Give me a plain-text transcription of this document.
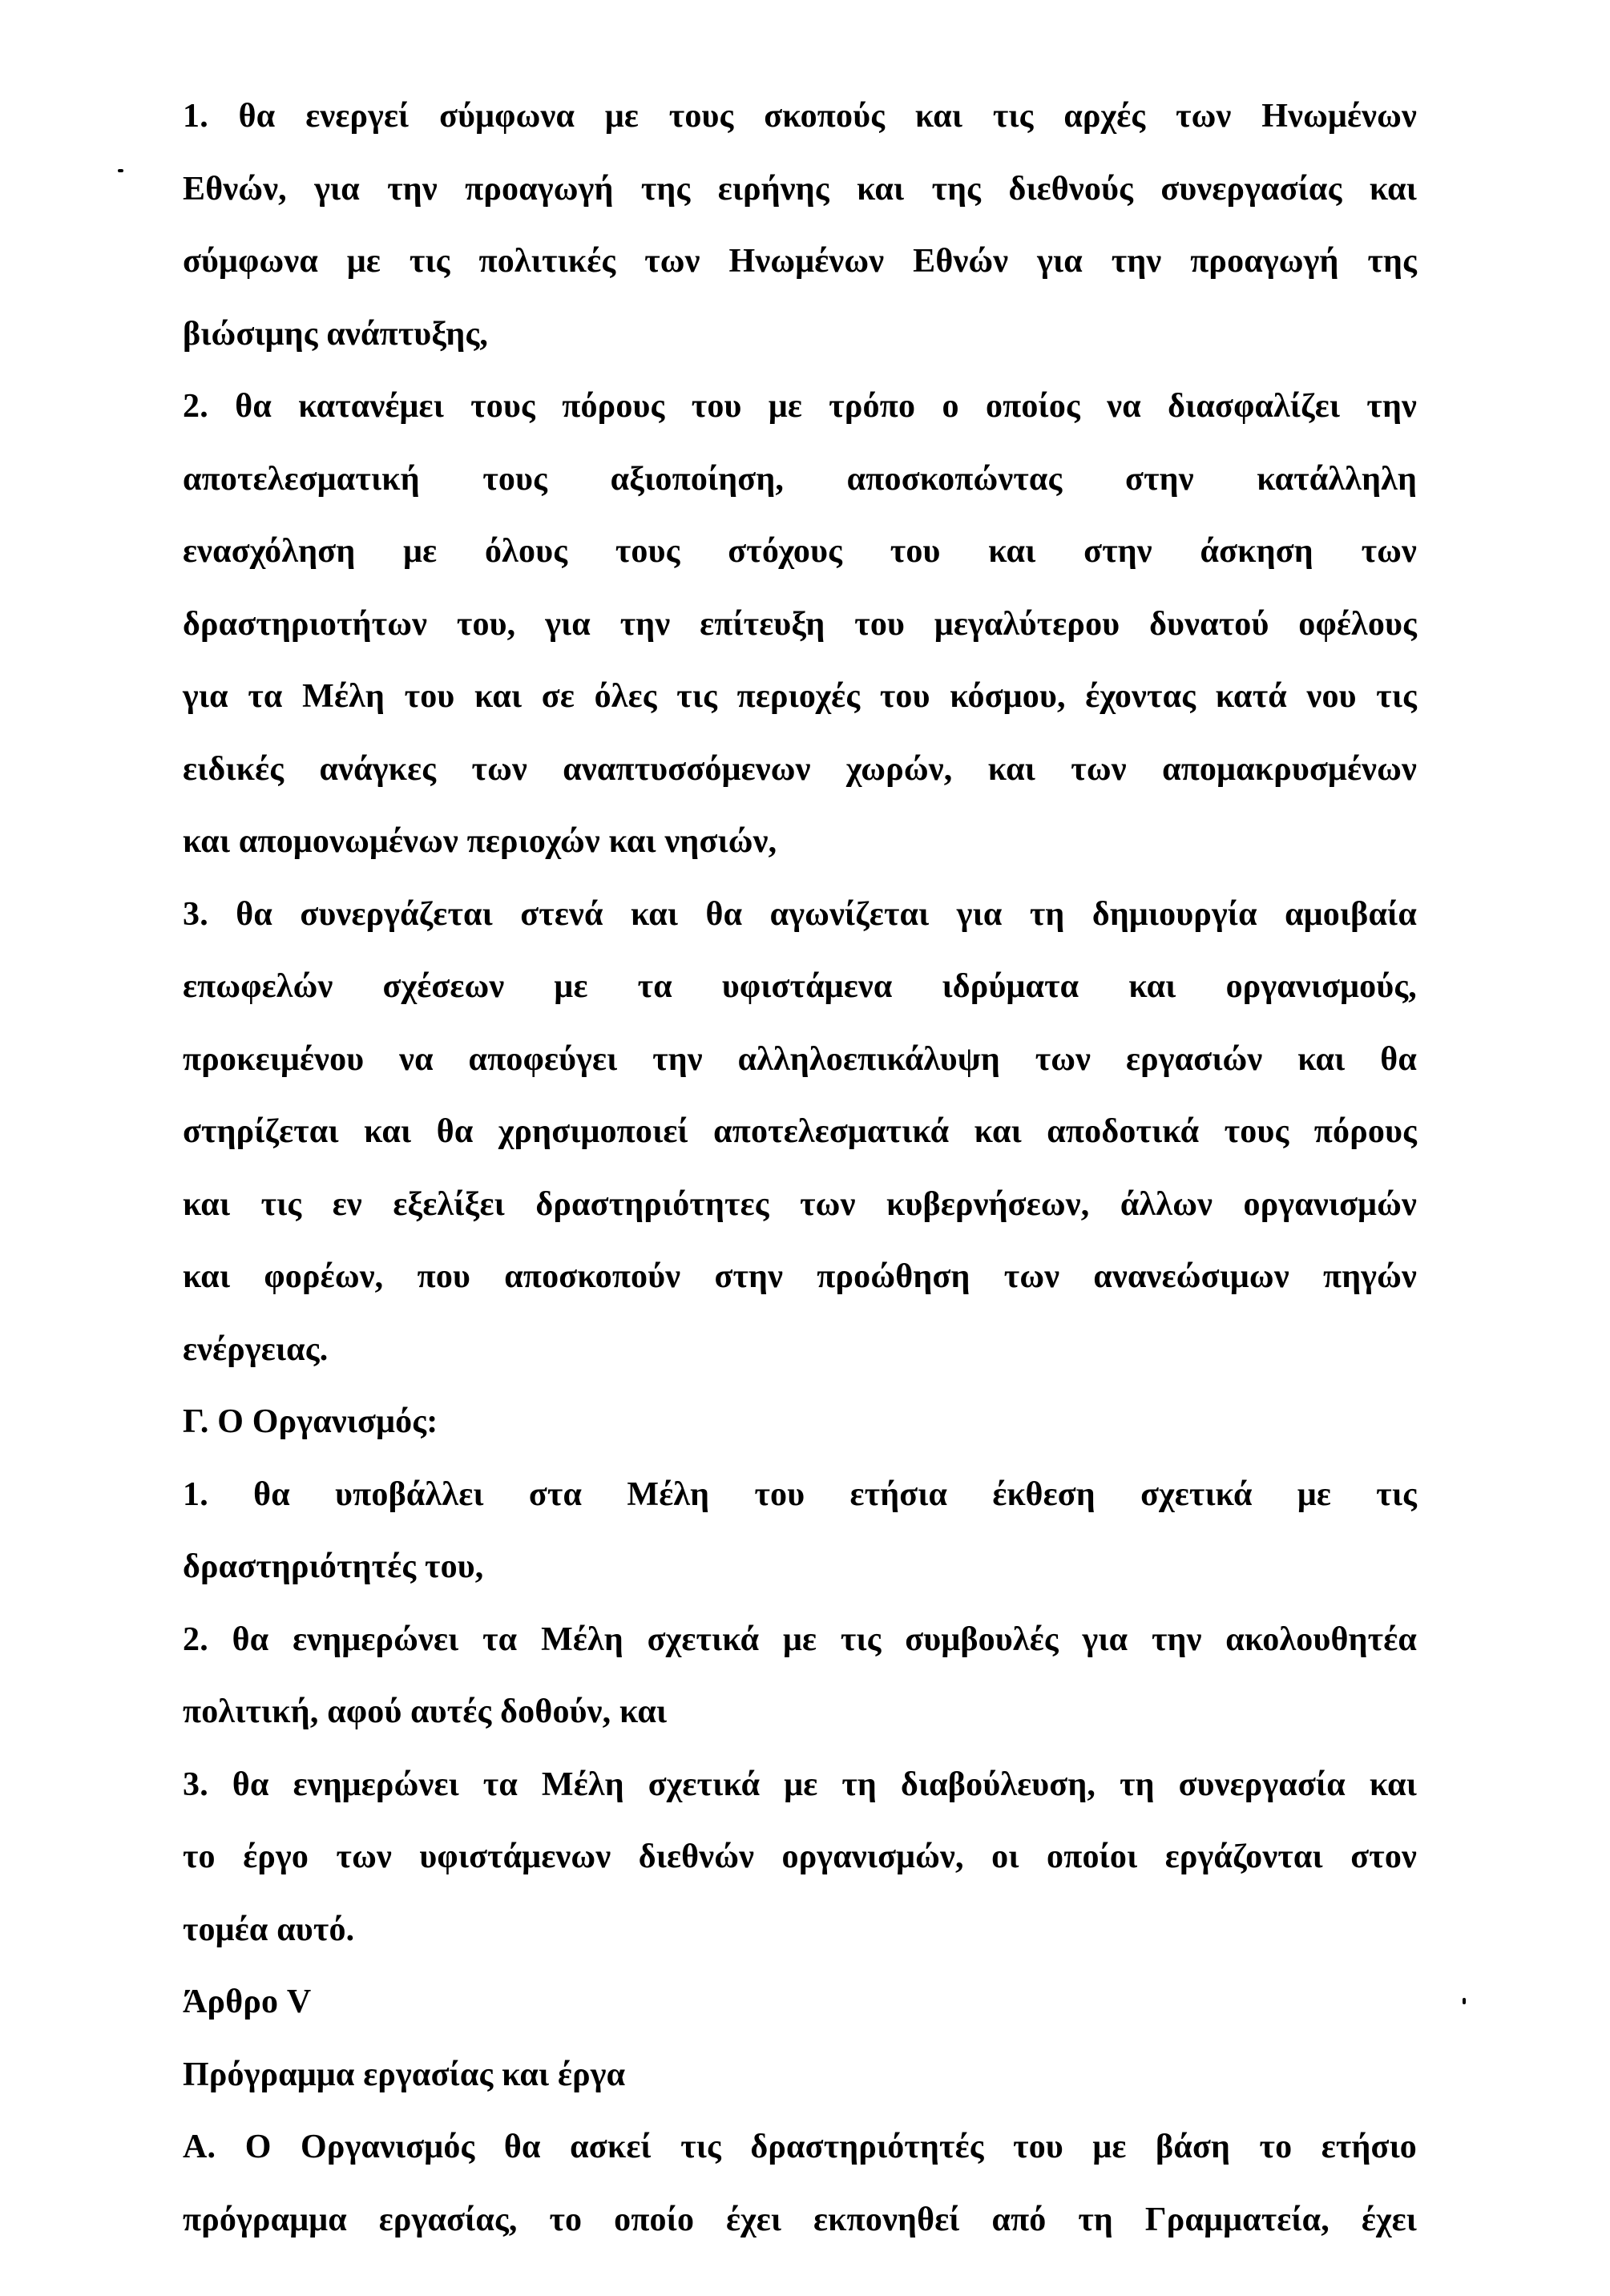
1. θα ενεργεί σύμφωνα με τους σκοπούς και τις αρχές των Ηνωμένων
Εθνών, για την προαγωγή της ειρήνης και της διεθνούς συνεργασίας και
σύμφωνα με τις πολιτικές των Ηνωμένων Εθνών για την προαγωγή της
βιώσιμης ανάπτυξης,
2. θα κατανέμει τους πόρους του με τρόπο ο οποίος να διασφαλίζει την
αποτελεσματική τους αξιοποίηση, αποσκοπώντας στην κατάλληλη
ενασχόληση με όλους τους στόχους του και στην άσκηση των
δραστηριοτήτων του, για την επίτευξη του μεγαλύτερου δυνατού οφέλους
για τα Μέλη του και σε όλες τις περιοχές του κόσμου, έχοντας κατά νου τις
ειδικές ανάγκες των αναπτυσσόμενων χωρών, και των απομακρυσμένων
και απομονωμένων περιοχών και νησιών,
3. θα συνεργάζεται στενά και θα αγωνίζεται για τη δημιουργία αμοιβαία
επωφελών σχέσεων με τα υφιστάμενα ιδρύματα και οργανισμούς,
προκειμένου να αποφεύγει την αλληλοεπικάλυψη των εργασιών και θα
στηρίζεται και θα χρησιμοποιεί αποτελεσματικά και αποδοτικά τους πόρους
και τις εν εξελίξει δραστηριότητες των κυβερνήσεων, άλλων οργανισμών
και φορέων, που αποσκοπούν στην προώθηση των ανανεώσιμων πηγών
ενέργειας.
Γ. Ο Οργανισμός:
1. θα υποβάλλει στα Μέλη του ετήσια έκθεση σχετικά με τις
δραστηριότητές του,
2. θα ενημερώνει τα Μέλη σχετικά με τις συμβουλές για την ακολουθητέα
πολιτική, αφού αυτές δοθούν, και
3. θα ενημερώνει τα Μέλη σχετικά με τη διαβούλευση, τη συνεργασία και
το έργο των υφιστάμενων διεθνών οργανισμών, οι οποίοι εργάζονται στον
τομέα αυτό.
Άρθρο V
Πρόγραμμα εργασίας και έργα
Α. Ο Οργανισμός θα ασκεί τις δραστηριότητές του με βάση το ετήσιο
πρόγραμμα εργασίας, το οποίο έχει εκπονηθεί από τη Γραμματεία, έχει
